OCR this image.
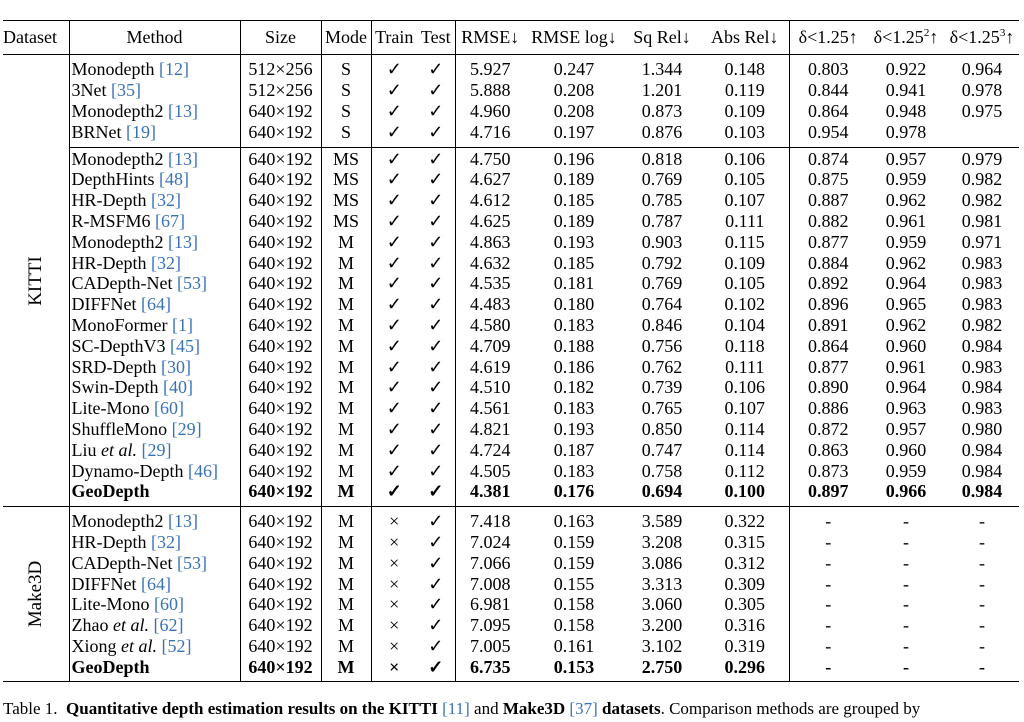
Dataset	Method	Size	Mode	Train	Test	RMSE↓	RMSE log↓	Sq Rel↓	Abs Rel↓	δ<1.25↑	$\delta<1.25^2↑$	$\delta<1.25^3↑$
KITTI												
	Monodepth [12]	512×256	S	✓	✓	5.927	0.247	1.344	0.148	0.803	0.922	0.964
	3Net [35]	512×256	S	✓	✓	5.888	0.208	1.201	0.119	0.844	0.941	0.978
	Monodepth2 [13]	640×192	S	✓	✓	4.960	0.208	0.873	0.109	0.864	0.948	0.975
	BRNet [19]	640×192	S	✓	✓	4.716	0.197	0.876	0.103	0.954	0.978	

	Monodepth2 [13]	640×192	MS	✓	✓	4.750	0.196	0.818	0.106	0.874	0.957	0.979
	DepthHints [48]	640×192	MS	✓	✓	4.627	0.189	0.769	0.105	0.875	0.959	0.982
	HR-Depth [32]	640×192	MS	✓	✓	4.612	0.185	0.785	0.107	0.887	0.962	0.982
	R-MSFM6 [67]	640×192	MS	✓	✓	4.625	0.189	0.787	0.111	0.882	0.961	0.981
	Monodepth2 [13]	640×192	M	✓	✓	4.863	0.193	0.903	0.115	0.877	0.959	0.971
	HR-Depth [32]	640×192	M	✓	✓	4.632	0.185	0.792	0.109	0.884	0.962	0.983
	CADepth-Net [53]	640×192	M	✓	✓	4.535	0.181	0.769	0.105	0.892	0.964	0.983
	DIFFNet [64]	640×192	M	✓	✓	4.483	0.180	0.764	0.102	0.896	0.965	0.983
	MonoFormer [1]	640×192	M	✓	✓	4.580	0.183	0.846	0.104	0.891	0.962	0.982
	SC-DepthV3 [45]	640×192	M	✓	✓	4.709	0.188	0.756	0.118	0.864	0.960	0.984
	SRD-Depth [30]	640×192	M	✓	✓	4.619	0.186	0.762	0.111	0.877	0.961	0.983
	Swin-Depth [40]	640×192	M	✓	✓	4.510	0.182	0.739	0.106	0.890	0.964	0.984
	Lite-Mono [60]	640×192	M	✓	✓	4.561	0.183	0.765	0.107	0.886	0.963	0.983
	ShuffleMono [29]	640×192	M	✓	✓	4.821	0.193	0.850	0.114	0.872	0.957	0.980
	Liu et al. [29]	640×192	M	✓	✓	4.724	0.187	0.747	0.114	0.863	0.960	0.984
	Dynamo-Depth [46]	640×192	M	✓	✓	4.505	0.183	0.758	0.112	0.873	0.959	0.984
	GeoDepth	640×192	M	✓	✓	4.381	0.176	0.694	0.100	0.897	0.966	0.984

Make3D												
	Monodepth2 [13]	640×192	M	×	✓	7.418	0.163	3.589	0.322	-	-	-
	HR-Depth [32]	640×192	M	×	✓	7.024	0.159	3.208	0.315	-	-	-
	CADepth-Net [53]	640×192	M	×	✓	7.066	0.159	3.086	0.312	-	-	-
	DIFFNet [64]	640×192	M	×	✓	7.008	0.155	3.313	0.309	-	-	-
	Lite-Mono [60]	640×192	M	×	✓	6.981	0.158	3.060	0.305	-	-	-
	Zhao et al. [62]	640×192	M	×	✓	7.095	0.158	3.200	0.316	-	-	-
	Xiong et al. [52]	640×192	M	×	✓	7.005	0.161	3.102	0.319	-	-	-
	GeoDepth	640×192	M	×	✓	6.735	0.153	2.750	0.296	-	-	-

Table 1. Quantitative depth estimation results on the KITTI [11] and Make3D [37] datasets. Comparison methods are grouped by
